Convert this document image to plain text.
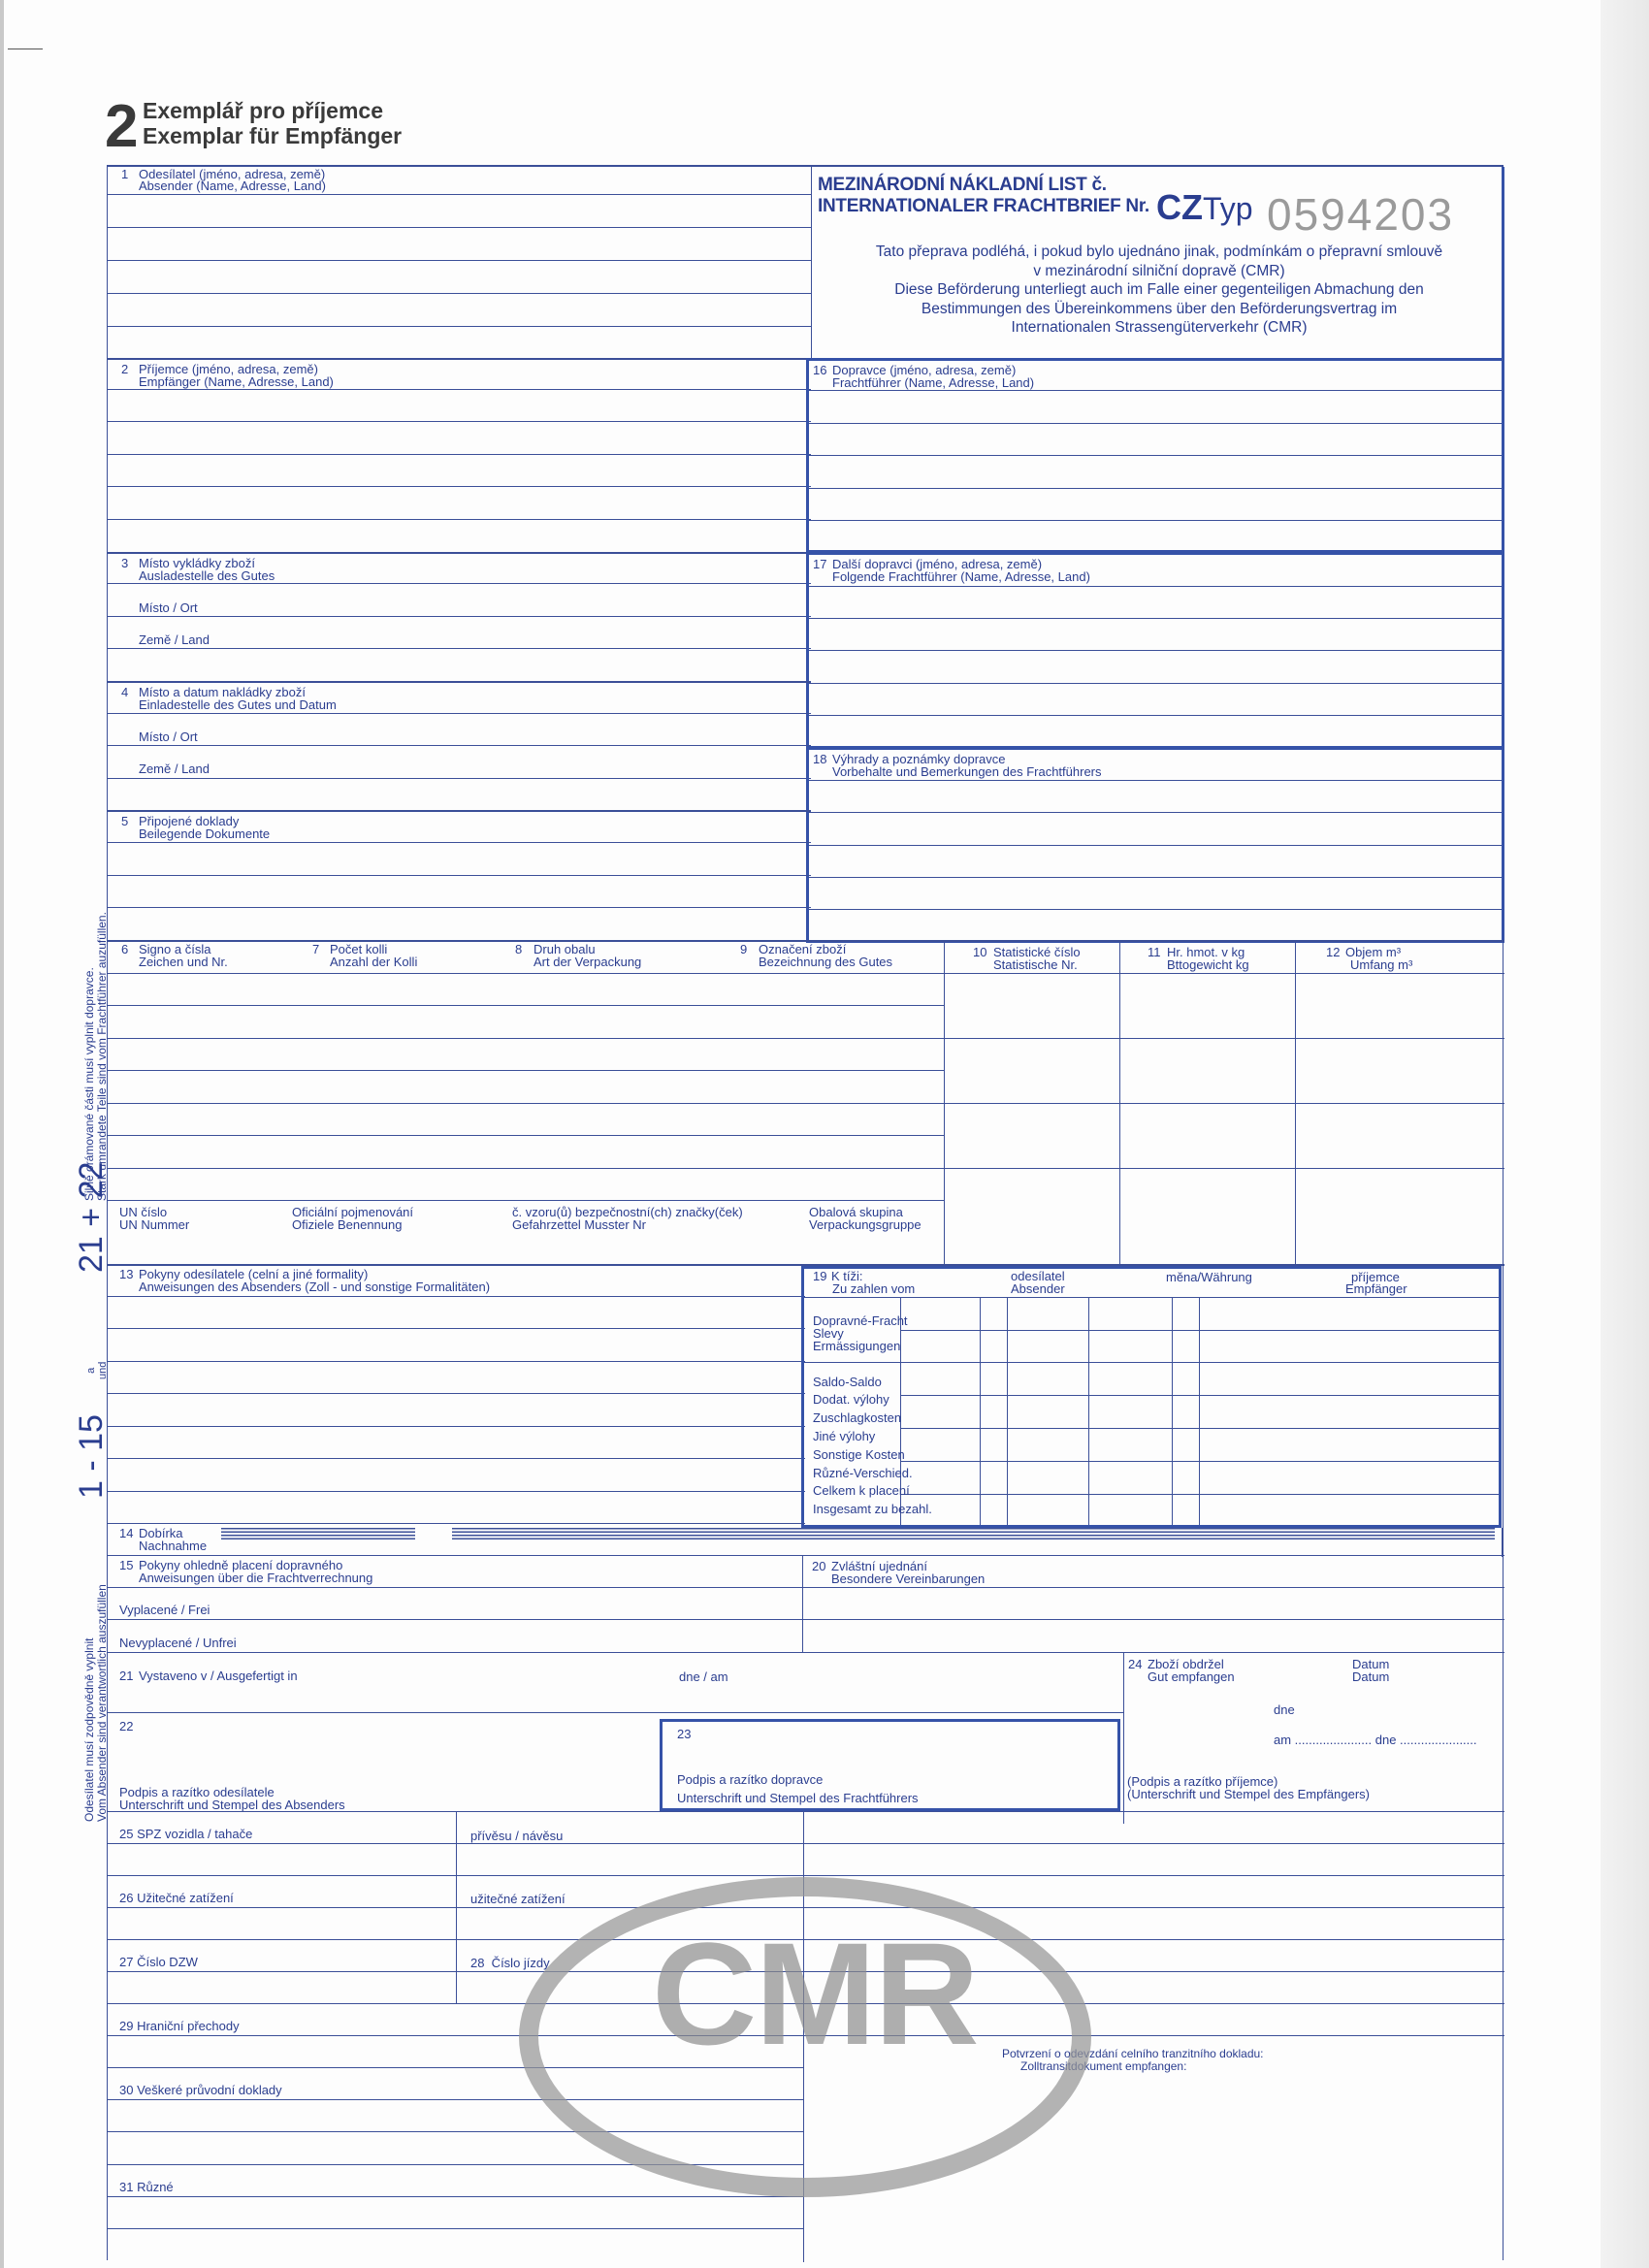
2 Exemplář pro příjemce
Exemplar für Empfänger
MEZINÁRODNÍ NÁKLADNÍ LIST č.
INTERNATIONALER FRACHTBRIEF Nr. CZ Typ 0594203
Tato přeprava podléhá, i pokud bylo ujednáno jinak, podmínkám o přepravní smlouvě
v mezinárodní silniční dopravě (CMR)
Diese Beförderung unterliegt auch im Falle einer gegenteiligen Abmachung den
Bestimmungen des Übereinkommens über den Beförderungsvertrag im
Internationalen Strassengüterverkehr (CMR)
1 Odesílatel (jméno, adresa, země)
Absender (Name, Adresse, Land)
2 Příjemce (jméno, adresa, země)
Empfänger (Name, Adresse, Land)
16 Dopravce (jméno, adresa, země)
Frachtführer (Name, Adresse, Land)
3 Místo vykládky zboží
Ausladestelle des Gutes
Místo / Ort
Země / Land
17 Další dopravci (jméno, adresa, země)
Folgende Frachtführer (Name, Adresse, Land)
4 Místo a datum nakládky zboží
Einladestelle des Gutes und Datum
Místo / Ort
Země / Land
18 Výhrady a poznámky dopravce
Vorbehalte und Bemerkungen des Frachtführers
5 Připojené doklady
Beilegende Dokumente
6 Signo a čísla
Zeichen und Nr.
7 Počet kolli
Anzahl der Kolli
8 Druh obalu
Art der Verpackung
9 Označení zboží
Bezeichnung des Gutes
10 Statistické číslo
Statistische Nr.
11 Hr. hmot. v kg
Bttogewicht kg
12 Objem m³
Umfang m³
UN číslo
UN Nummer
Oficiální pojmenování
Ofiziele Benennung
č. vzoru(ů) bezpečnostní(ch) značky(ček)
Gefahrzettel Musster Nr
Obalová skupina
Verpackungsgruppe
13 Pokyny odesílatele (celní a jiné formality)
Anweisungen des Absenders (Zoll - und sonstige Formalitäten)
19 K tíži:
Zu zahlen vom
odesílatel
Absender
měna/Währung	příjemce
Empfänger
Dopravné-Fracht
Slevy
Ermässigungen
Saldo-Saldo
Dodat. výlohy
Zuschlagkosten
Jiné výlohy
Sonstige Kosten
Různé-Verschied.
Celkem k placení
Insgesamt zu bezahl.
14 Dobírka
Nachnahme
15 Pokyny ohledně placení dopravného
Anweisungen über die Frachtverrechnung
20 Zvláštní ujednání
Besondere Vereinbarungen
Vyplacené / Frei
Nevyplacené / Unfrei
21 Vystaveno v / Ausgefertigt in	dne / am
24 Zboží obdržel
Gut empfangen
Datum
Datum
dne
am ...................... dne ......................
(Podpis a razítko příjemce)
(Unterschrift und Stempel des Empfängers)
22
Podpis a razítko odesílatele
Unterschrift und Stempel des Absenders
23
Podpis a razítko dopravce
Unterschrift und Stempel des Frachtführers
25 SPZ vozidla / tahače	přívěsu / návěsu
26 Užitečné zatížení	užitečné zatížení
27 Číslo DZW	28  Číslo jízdy
29 Hraniční přechody
30 Veškeré průvodní doklady
31 Různé
Potvrzení o odevzdání celního tranzitního dokladu:
Zolltransitdokument empfangen:
CMR
Silně orámované části musí vyplnit dopravce. Stark umrandete Teile sind vom Frachtführer auzufüllen.
21 + 22
a und
1 - 15
Odesílatel musí zodpovědně vyplnit Vom Absender sind verantwortlich auszufüllen
